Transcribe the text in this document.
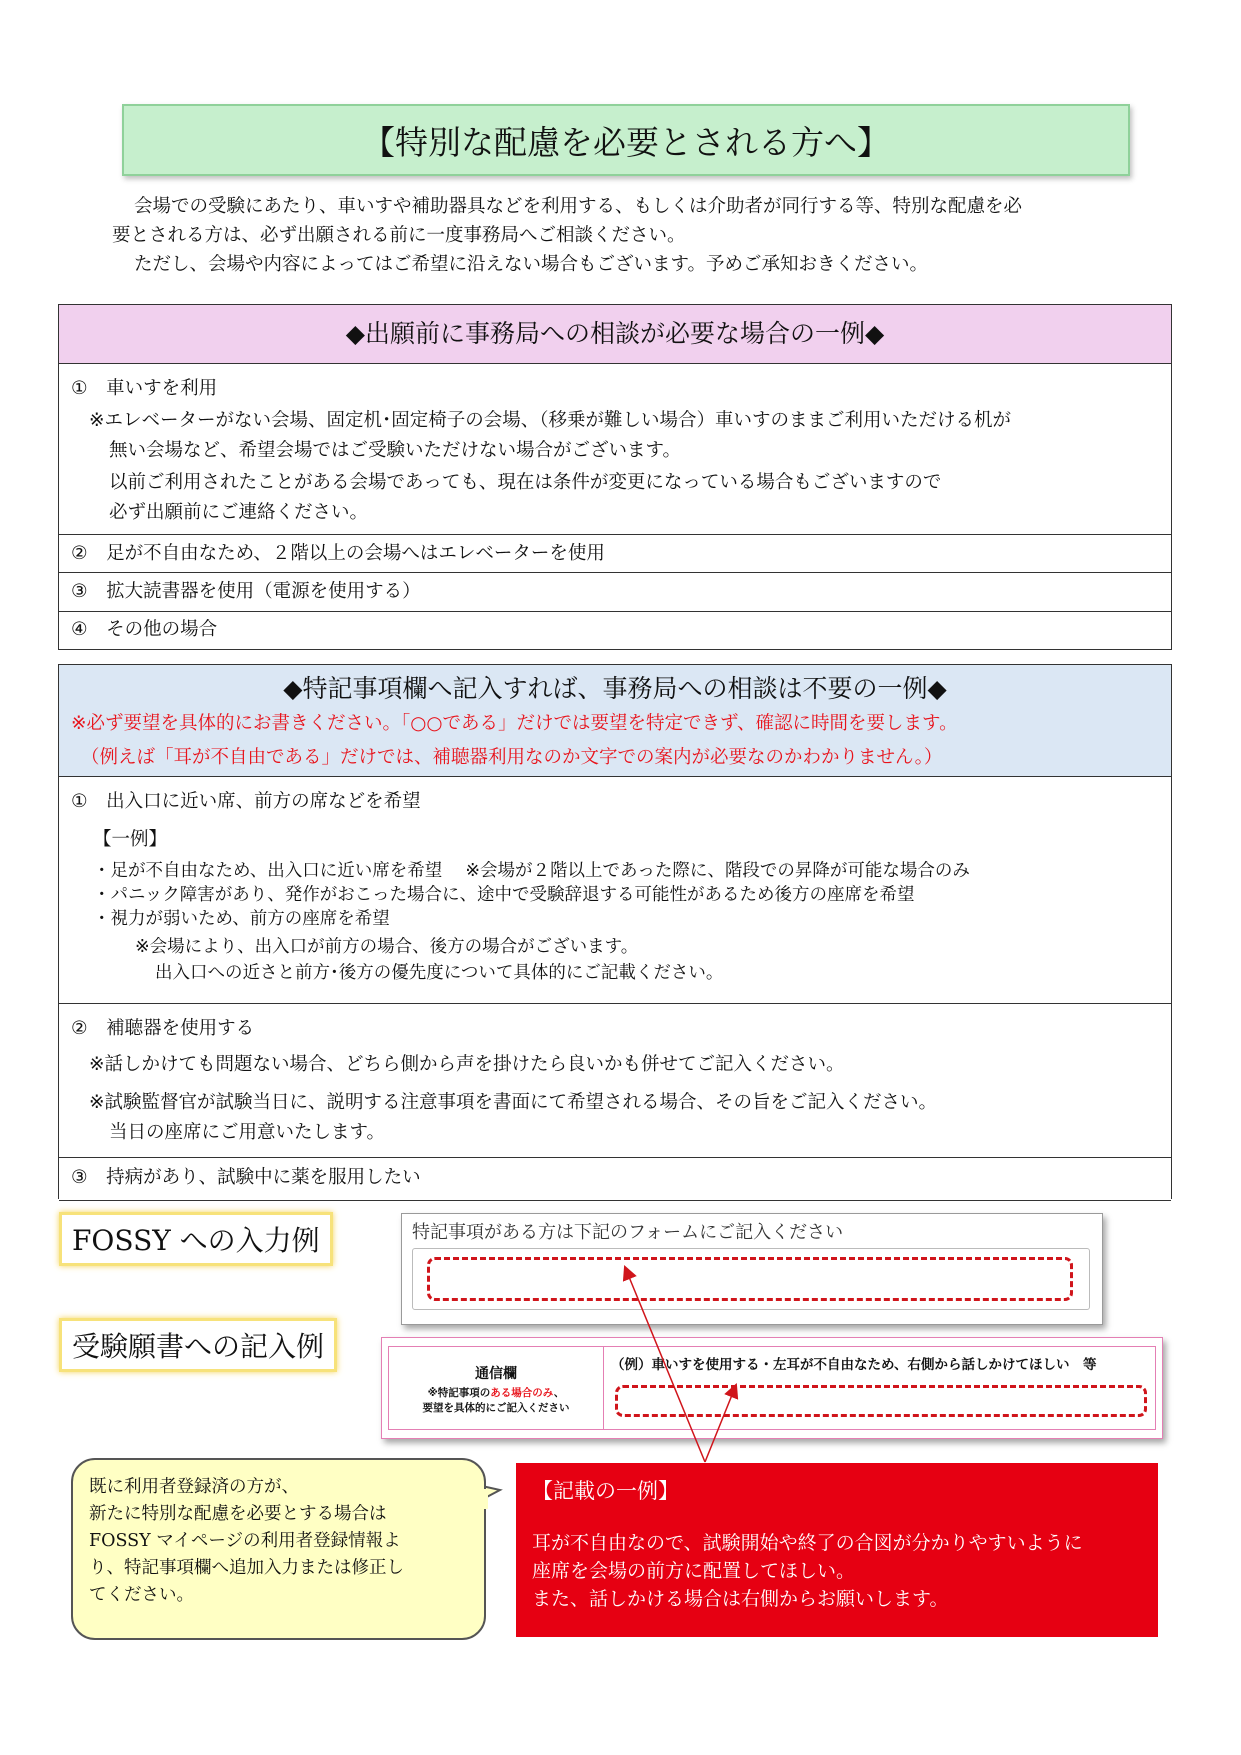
【特別な配慮を必要とされる方へ】
会場での受験にあたり、車いすや補助器具などを利用する、もしくは介助者が同行する等、特別な配慮を必
要とされる方は、必ず出願される前に一度事務局へご相談ください。
ただし、会場や内容によってはご希望に沿えない場合もございます。予めご承知おきください。
◆出願前に事務局への相談が必要な場合の一例◆
①　車いすを利用
※エレベーターがない会場、固定机･固定椅子の会場、（移乗が難しい場合）車いすのままご利用いただける机が
無い会場など、希望会場ではご受験いただけない場合がございます。
以前ご利用されたことがある会場であっても、現在は条件が変更になっている場合もございますので
必ず出願前にご連絡ください。
②　足が不自由なため、２階以上の会場へはエレベーターを使用
③　拡大読書器を使用（電源を使用する）
④　その他の場合
◆特記事項欄へ記入すれば、事務局への相談は不要の一例◆
※必ず要望を具体的にお書きください。「○○である」だけでは要望を特定できず、確認に時間を要します。
（例えば「耳が不自由である」だけでは、補聴器利用なのか文字での案内が必要なのかわかりません。）
①　出入口に近い席、前方の席などを希望
【一例】
・足が不自由なため、出入口に近い席を希望　 ※会場が２階以上であった際に、階段での昇降が可能な場合のみ
・パニック障害があり、発作がおこった場合に、途中で受験辞退する可能性があるため後方の座席を希望
・視力が弱いため、前方の座席を希望
※会場により、出入口が前方の場合、後方の場合がございます。
出入口への近さと前方･後方の優先度について具体的にご記載ください。
②　補聴器を使用する
※話しかけても問題ない場合、どちら側から声を掛けたら良いかも併せてご記入ください。
※試験監督官が試験当日に、説明する注意事項を書面にて希望される場合、その旨をご記入ください。
当日の座席にご用意いたします。
③　持病があり、試験中に薬を服用したい
FOSSY への入力例	特記事項がある方は下記のフォームにご記入ください
受験願書への記入例
通信欄
※特記事項のある場合のみ、
要望を具体的にご記入ください
（例）車いすを使用する・左耳が不自由なため、右側から話しかけてほしい　等
既に利用者登録済の方が、
新たに特別な配慮を必要とする場合は
FOSSY マイページの利用者登録情報よ
り、特記事項欄へ追加入力または修正し
てください。
【記載の一例】
耳が不自由なので、試験開始や終了の合図が分かりやすいように
座席を会場の前方に配置してほしい。
また、話しかける場合は右側からお願いします。
